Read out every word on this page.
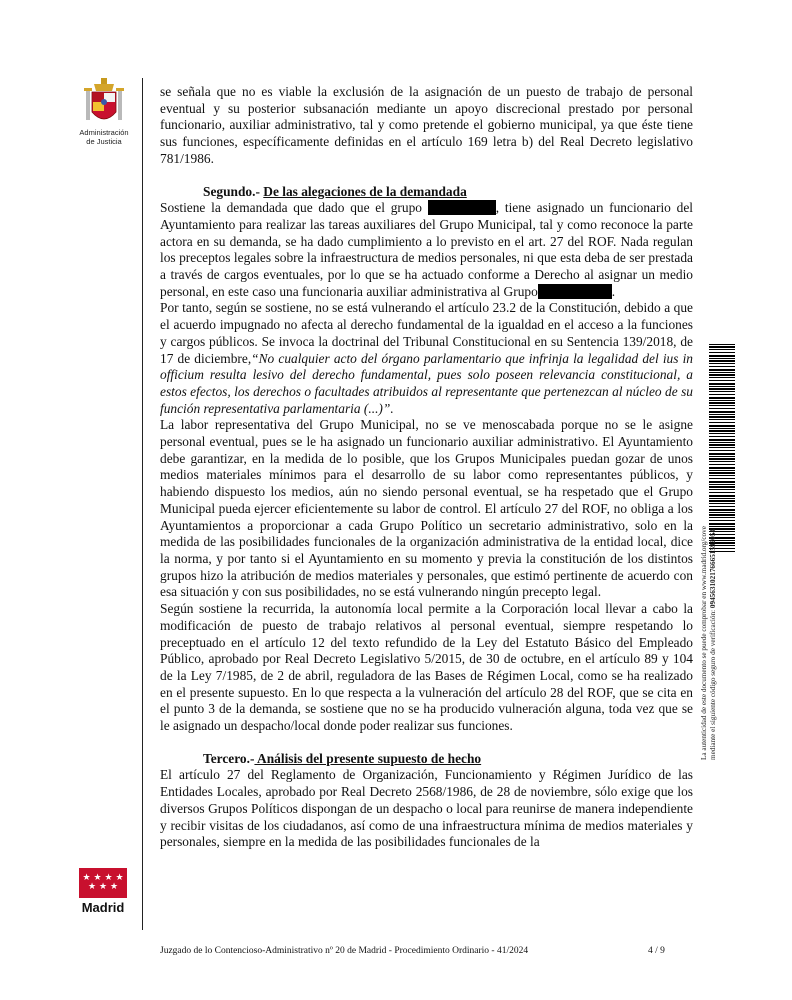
Administración de Justicia
★ ★ ★ ★
★ ★ ★
Madrid

se señala que no es viable la exclusión de la asignación de un puesto de trabajo de personal eventual y su posterior subsanación mediante un apoyo discrecional prestado por personal funcionario, auxiliar administrativo, tal y como pretende el gobierno municipal, ya que éste tiene sus funciones, específicamente definidas en el artículo 169 letra b) del Real Decreto legislativo 781/1986.

Segundo.- De las alegaciones de la demandada

Sostiene la demandada que dado que el grupo	, tiene asignado un funcionario del Ayuntamiento para realizar las tareas auxiliares del Grupo Municipal, tal y como reconoce la parte actora en su demanda, se ha dado cumplimiento a lo previsto en el art. 27 del ROF. Nada regulan los preceptos legales sobre la infraestructura de medios personales, ni que esta deba de ser prestada a través de cargos eventuales, por lo que se ha actuado conforme a Derecho al asignar un medio personal, en este caso una funcionaria auxiliar administrativa al Grupo	.

Por tanto, según se sostiene, no se está vulnerando el artículo 23.2 de la Constitución, debido a que el acuerdo impugnado no afecta al derecho fundamental de la igualdad en el acceso a la funciones y cargos públicos. Se invoca la doctrinal del Tribunal Constitucional en su Sentencia 139/2018, de 17 de diciembre,“No cualquier acto del órgano parlamentario que infrinja la legalidad del ius in officium resulta lesivo del derecho fundamental, pues solo poseen relevancia constitucional, a estos efectos, los derechos o facultades atribuidos al representante que pertenezcan al núcleo de su función representativa parlamentaria (...)”.

La labor representativa del Grupo Municipal, no se ve menoscabada porque no se le asigne personal eventual, pues se le ha asignado un funcionario auxiliar administrativo. El Ayuntamiento debe garantizar, en la medida de lo posible, que los Grupos Municipales puedan gozar de unos medios materiales mínimos para el desarrollo de su labor como representantes públicos, y habiendo dispuesto los medios, aún no siendo personal eventual, se ha respetado que el Grupo Municipal pueda ejercer eficientemente su labor de control. El artículo 27 del ROF, no obliga a los Ayuntamientos a proporcionar a cada Grupo Político un secretario administrativo, solo en la medida de las posibilidades funcionales de la organización administrativa de la entidad local, dice la norma, y por tanto si el Ayuntamiento en su momento y previa la constitución de los distintos grupos hizo la atribución de medios materiales y personales, que estimó pertinente de acuerdo con esa situación y con sus posibilidades, no se está vulnerando ningún precepto legal.

Según sostiene la recurrida, la autonomía local permite a la Corporación local llevar a cabo la modificación de puesto de trabajo relativos al personal eventual, siempre respetando lo preceptuado en el artículo 12 del texto refundido de la Ley del Estatuto Básico del Empleado Público, aprobado por Real Decreto Legislativo 5/2015, de 30 de octubre, en el artículo 89 y 104 de la Ley 7/1985, de 2 de abril, reguladora de las Bases de Régimen Local, como se ha realizado en el presente supuesto. En lo que respecta a la vulneración del artículo 28 del ROF, que se cita en el punto 3 de la demanda, se sostiene que no se ha producido vulneración alguna, toda vez que se le asignado un despacho/local donde poder realizar sus funciones.

Tercero.- Análisis del presente supuesto de hecho

El artículo 27 del Reglamento de Organización, Funcionamiento y Régimen Jurídico de las Entidades Locales, aprobado por Real Decreto 2568/1986, de 28 de noviembre, sólo exige que los diversos Grupos Políticos dispongan de un despacho o local para reunirse de manera independiente y recibir visitas de los ciudadanos, así como de una infraestructura mínima de medios materiales y personales, siempre en la medida de las posibilidades funcionales de la

La autenticidad de este documento se puede comprobar en www.madrid.org/cove mediante el siguiente código seguro de verificación: 0945631021766651592054
Juzgado de lo Contencioso-Administrativo nº 20 de Madrid - Procedimiento Ordinario - 41/2024	4 / 9
